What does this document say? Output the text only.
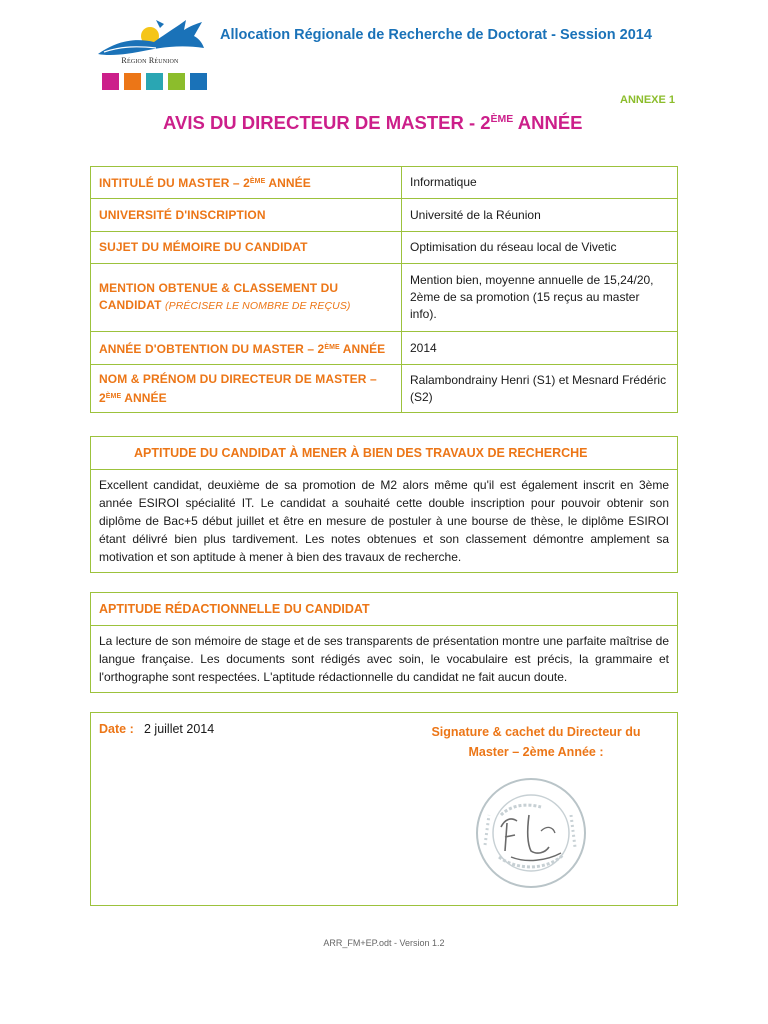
Région Réunion
Allocation Régionale de Recherche de Doctorat - Session 2014
ANNEXE 1
AVIS DU DIRECTEUR DE MASTER - 2ÈME ANNÉE
INTITULÉ DU MASTER – 2ÈME ANNÉE	Informatique
UNIVERSITÉ D'INSCRIPTION	Université de la Réunion
SUJET DU MÉMOIRE DU CANDIDAT	Optimisation du réseau local de Vivetic
MENTION OBTENUE & CLASSEMENT DU CANDIDAT (PRÉCISER LE NOMBRE DE REÇUS)	Mention bien, moyenne annuelle de 15,24/20, 2ème de sa promotion (15 reçus au master info).
ANNÉE D'OBTENTION DU MASTER – 2ÈME ANNÉE	2014
NOM & PRÉNOM DU DIRECTEUR DE MASTER – 2ÈME ANNÉE	Ralambondrainy Henri (S1) et Mesnard Frédéric (S2)
APTITUDE DU CANDIDAT À MENER À BIEN DES TRAVAUX DE RECHERCHE
Excellent candidat, deuxième de sa promotion de M2 alors même qu'il est également inscrit en 3ème année ESIROI spécialité IT. Le candidat a souhaité cette double inscription pour pouvoir obtenir son diplôme de Bac+5 début juillet et être en mesure de postuler à une bourse de thèse, le diplôme ESIROI étant délivré bien plus tardivement. Les notes obtenues et son classement démontre amplement sa motivation et son aptitude à mener à bien des travaux de recherche.
APTITUDE RÉDACTIONNELLE DU CANDIDAT
La lecture de son mémoire de stage et de ses transparents de présentation montre une parfaite maîtrise de langue française. Les documents sont rédigés avec soin, le vocabulaire est précis, la grammaire et l'orthographe sont respectées. L'aptitude rédactionnelle du candidat ne fait aucun doute.
Date : 2 juillet 2014	Signature & cachet du Directeur du
Master – 2ème Année :
ARR_FM+EP.odt - Version 1.2
